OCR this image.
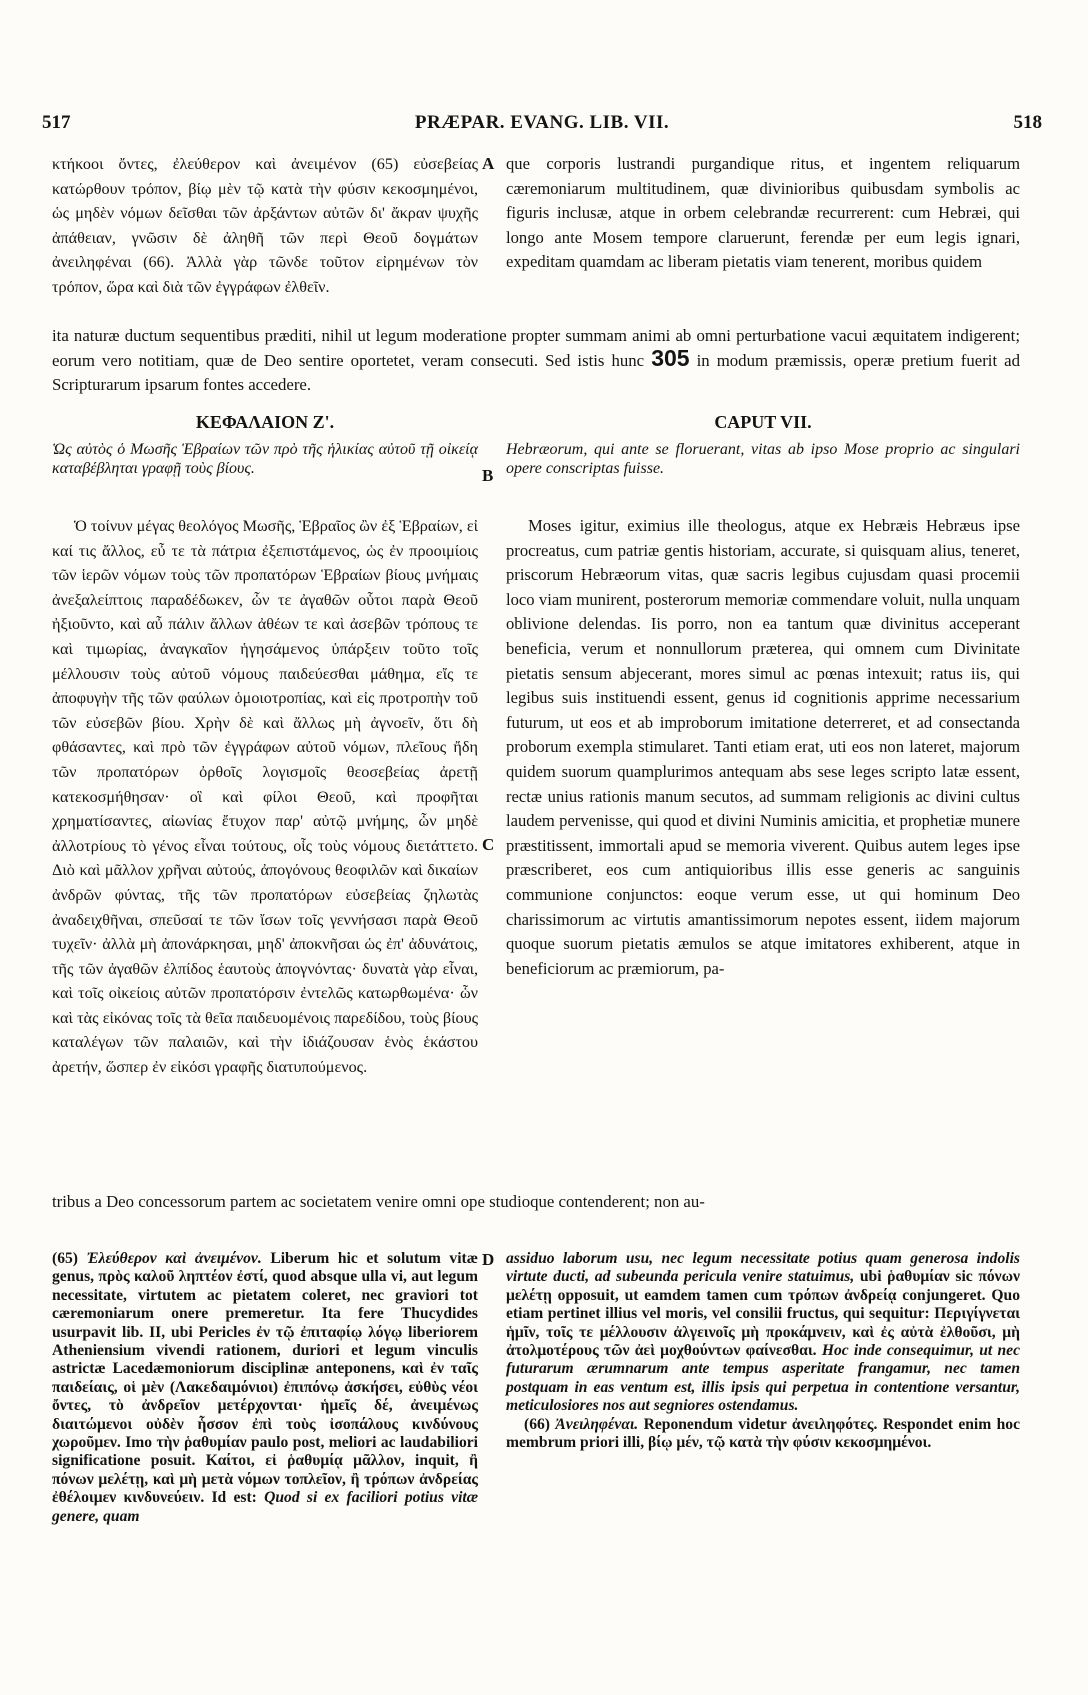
517	PRÆPAR. EVANG. LIB. VII.	518
κτήκοοι ὄντες, ἐλεύθερον καὶ ἀνειμένον (65) εὐσεβείας κατώρθουν τρόπον, βίῳ μὲν τῷ κατὰ τὴν φύσιν κεκοσμημένοι, ὡς μηδὲν νόμων δεῖσθαι τῶν ἀρξάντων αὐτῶν δι' ἄκραν ψυχῆς ἀπάθειαν, γνῶσιν δὲ ἀληθῆ τῶν περὶ Θεοῦ δογμάτων ἀνειληφέναι (66). Ἀλλὰ γὰρ τῶνδε τοῦτον εἰρημένων τὸν τρόπον, ὥρα καὶ διὰ τῶν ἐγγράφων ἐλθεῖν.
A que corporis lustrandi purgandique ritus, et ingentem reliquarum cæremoniarum multitudinem, quæ divinioribus quibusdam symbolis ac figuris inclusæ, atque in orbem celebrandæ recurrerent: cum Hebræi, qui longo ante Mosem tempore claruerunt, ferendæ per eum legis ignari, expeditam quamdam ac liberam pietatis viam tenerent, moribus quidem
ita naturæ ductum sequentibus præditi, nihil ut legum moderatione propter summam animi ab omni perturbatione vacui æquitatem indigerent; eorum vero notitiam, quæ de Deo sentire oportetet, veram consecuti. Sed istis hunc 305 in modum præmissis, operæ pretium fuerit ad Scripturarum ipsarum fontes accedere.
ΚΕΦΑΛΑΙΟΝ Ζ'.	CAPUT VII.
Ὡς αὐτὸς ὁ Μωσῆς Ἑβραίων τῶν πρὸ τῆς ἡλικίας αὐτοῦ τῇ οἰκείᾳ καταβέβληται γραφῇ τοὺς βίους.	B
Hebræorum, qui ante se floruerant, vitas ab ipso Mose proprio ac singulari opere conscriptas fuisse.

Ὁ τοίνυν μέγας θεολόγος Μωσῆς, Ἑβραῖος ὢν ἐξ Ἑβραίων, εἰ καί τις ἄλλος, εὖ τε τὰ πάτρια ἐξεπιστάμενος, ὡς ἐν προοιμίοις τῶν ἱερῶν νόμων τοὺς τῶν προπατόρων Ἑβραίων βίους μνήμαις ἀνεξαλείπτοις παραδέδωκεν, ὧν τε ἀγαθῶν οὗτοι παρὰ Θεοῦ ἠξιοῦντο, καὶ αὖ πάλιν ἄλλων ἀθέων τε καὶ ἀσεβῶν τρόπους τε καὶ τιμωρίας, ἀναγκαῖον ἡγησάμενος ὑπάρξειν τοῦτο τοῖς μέλλουσιν τοὺς αὐτοῦ νόμους παιδεύεσθαι μάθημα, εἴς τε ἀποφυγὴν τῆς τῶν φαύλων ὁμοιοτροπίας, καὶ εἰς προτροπὴν τοῦ τῶν εὐσεβῶν βίου. Χρὴν δὲ καὶ ἄλλως μὴ ἀγνοεῖν, ὅτι δὴ φθάσαντες, καὶ πρὸ τῶν ἐγγράφων αὐτοῦ νόμων, πλεῖους ἤδη τῶν προπατόρων ὀρθοῖς λογισμοῖς θεοσεβείας ἀρετῇ κατεκοσμήθησαν· οἳ καὶ φίλοι Θεοῦ, καὶ προφῆται χρηματίσαντες, αἰωνίας ἔτυχον παρ' αὐτῷ μνήμης, ὧν μηδὲ ἀλλοτρίους τὸ γένος εἶναι τούτους, οἷς τοὺς νόμους διετάττετο. Διὸ καὶ μᾶλλον χρῆναι αὐτούς, ἀπογόνους θεοφιλῶν καὶ δικαίων ἀνδρῶν φύντας, τῆς τῶν προπατόρων εὐσεβείας ζηλωτὰς ἀναδειχθῆναι, σπεῦσαί τε τῶν ἴσων τοῖς γεννήσασι παρὰ Θεοῦ τυχεῖν· ἀλλὰ μὴ ἀπονάρκησαι, μηδ' ἀποκνῆσαι ὡς ἐπ' ἀδυνάτοις, τῆς τῶν ἀγαθῶν ἐλπίδος ἑαυτοὺς ἀπογνόντας· δυνατὰ γὰρ εἶναι, καὶ τοῖς οἰκείοις αὐτῶν προπατόρσιν ἐντελῶς κατωρθωμένα· ὧν καὶ τὰς εἰκόνας τοῖς τὰ θεῖα παιδευομένοις παρεδίδου, τοὺς βίους καταλέγων τῶν παλαιῶν, καὶ τὴν ἰδιάζουσαν ἑνὸς ἑκάστου ἀρετήν, ὥσπερ ἐν εἰκόσι γραφῆς διατυπούμενος.

C

Moses igitur, eximius ille theologus, atque ex Hebræis Hebræus ipse procreatus, cum patriæ gentis historiam, accurate, si quisquam alius, teneret, priscorum Hebræorum vitas, quæ sacris legibus cujusdam quasi procemii loco viam munirent, posterorum memoriæ commendare voluit, nulla unquam oblivione delendas. Iis porro, non ea tantum quæ divinitus acceperant beneficia, verum et nonnullorum præterea, qui omnem cum Divinitate pietatis sensum abjecerant, mores simul ac pœnas intexuit; ratus iis, qui legibus suis instituendi essent, genus id cognitionis apprime necessarium futurum, ut eos et ab improborum imitatione deterreret, et ad consectanda proborum exempla stimularet. Tanti etiam erat, uti eos non lateret, majorum quidem suorum quamplurimos antequam abs sese leges scripto latæ essent, rectæ unius rationis manum secutos, ad summam religionis ac divini cultus laudem pervenisse, qui quod et divini Numinis amicitia, et prophetiæ munere præstitissent, immortali apud se memoria viverent. Quibus autem leges ipse præscriberet, eos cum antiquioribus illis esse generis ac sanguinis communione conjunctos: eoque verum esse, ut qui hominum Deo charissimorum ac virtutis amantissimorum nepotes essent, iidem majorum quoque suorum pietatis æmulos se atque imitatores exhiberent, atque in beneficiorum ac præmiorum, pa-

tribus a Deo concessorum partem ac societatem venire omni ope studioque contenderent; non au-
(65) Ἐλεύθερον καὶ ἀνειμένον. Liberum hic et solutum vitæ genus, πρὸς καλοῦ ληπτέον ἐστί, quod absque ulla vi, aut legum necessitate, virtutem ac pietatem coleret, nec graviori tot cæremoniarum onere premeretur. Ita fere Thucydides usurpavit lib. II, ubi Pericles ἐν τῷ ἐπιταφίῳ λόγῳ liberiorem Atheniensium vivendi rationem, duriori et legum vinculis astrictæ Lacedæmoniorum disciplinæ anteponens, καὶ ἐν ταῖς παιδείαις, οἱ μὲν (Λακεδαιμόνιοι) ἐπιπόνῳ ἀσκήσει, εὐθὺς νέοι ὄντες, τὸ ἀνδρεῖον μετέρχονται· ἡμεῖς δέ, ἀνειμένως διαιτώμενοι οὐδὲν ἧσσον ἐπὶ τοὺς ἰσοπάλους κινδύνους χωροῦμεν. Imo τὴν ῥαθυμίαν paulo post, meliori ac laudabiliori significatione posuit. Καίτοι, εἰ ῥαθυμίᾳ μᾶλλον, inquit, ἢ πόνων μελέτῃ, καὶ μὴ μετὰ νόμων τοπλεῖον, ἢ τρόπων ἀνδρείας ἐθέλοιμεν κινδυνεύειν. Id est: Quod si ex faciliori potius vitæ genere, quam
D assiduo laborum usu, nec legum necessitate potius quam generosa indolis virtute ducti, ad subeunda pericula venire statuimus, ubi ῥαθυμίαν sic πόνων μελέτῃ opposuit, ut eamdem tamen cum τρόπων ἀνδρείᾳ conjungeret. Quo etiam pertinet illius vel moris, vel consilii fructus, qui sequitur: Περιγίγνεται ἡμῖν, τοῖς τε μέλλουσιν ἀλγεινοῖς μὴ προκάμνειν, καὶ ἐς αὐτὰ ἐλθοῦσι, μὴ ἀτολμοτέρους τῶν ἀεὶ μοχθούντων φαίνεσθαι. Hoc inde consequimur, ut nec futurarum ærumnarum ante tempus asperitate frangamur, nec tamen postquam in eas ventum est, illis ipsis qui perpetua in contentione versantur, meticulosiores nos aut segniores ostendamus.
(66) Ἀνειληφέναι. Reponendum videtur ἀνειληφότες. Respondet enim hoc membrum priori illi, βίῳ μέν, τῷ κατὰ τὴν φύσιν κεκοσμημένοι.
